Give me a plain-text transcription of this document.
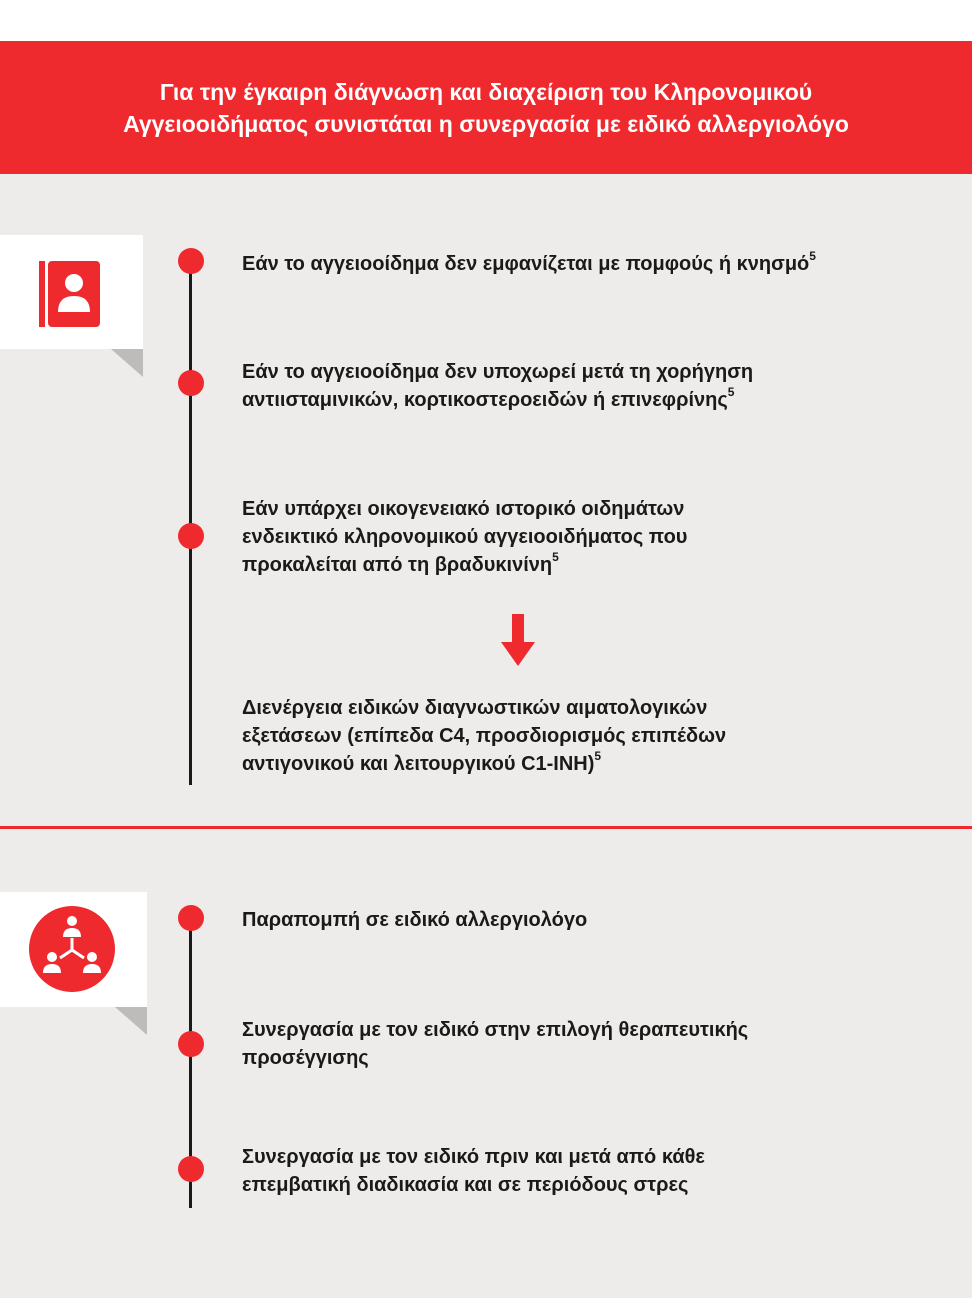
Για την έγκαιρη διάγνωση και διαχείριση του Κληρονομικού
Αγγειοοιδήματος συνιστάται η συνεργασία με ειδικό αλλεργιολόγο
Εάν το αγγειοοίδημα δεν εμφανίζεται με πομφούς ή κνησμό$^5$
Εάν το αγγειοοίδημα δεν υποχωρεί μετά τη χορήγηση
αντιισταμινικών, κορτικοστεροειδών ή επινεφρίνης$^5$
Εάν υπάρχει οικογενειακό ιστορικό οιδημάτων
ενδεικτικό κληρονομικού αγγειοοιδήματος που
προκαλείται από τη βραδυκινίνη$^5$
Διενέργεια ειδικών διαγνωστικών αιματολογικών
εξετάσεων (επίπεδα C4, προσδιορισμός επιπέδων
αντιγονικού και λειτουργικού C1-INH)$^5$
Παραπομπή σε ειδικό αλλεργιολόγο
Συνεργασία με τον ειδικό στην επιλογή θεραπευτικής
προσέγγισης
Συνεργασία με τον ειδικό πριν και μετά από κάθε
επεμβατική διαδικασία και σε περιόδους στρες
